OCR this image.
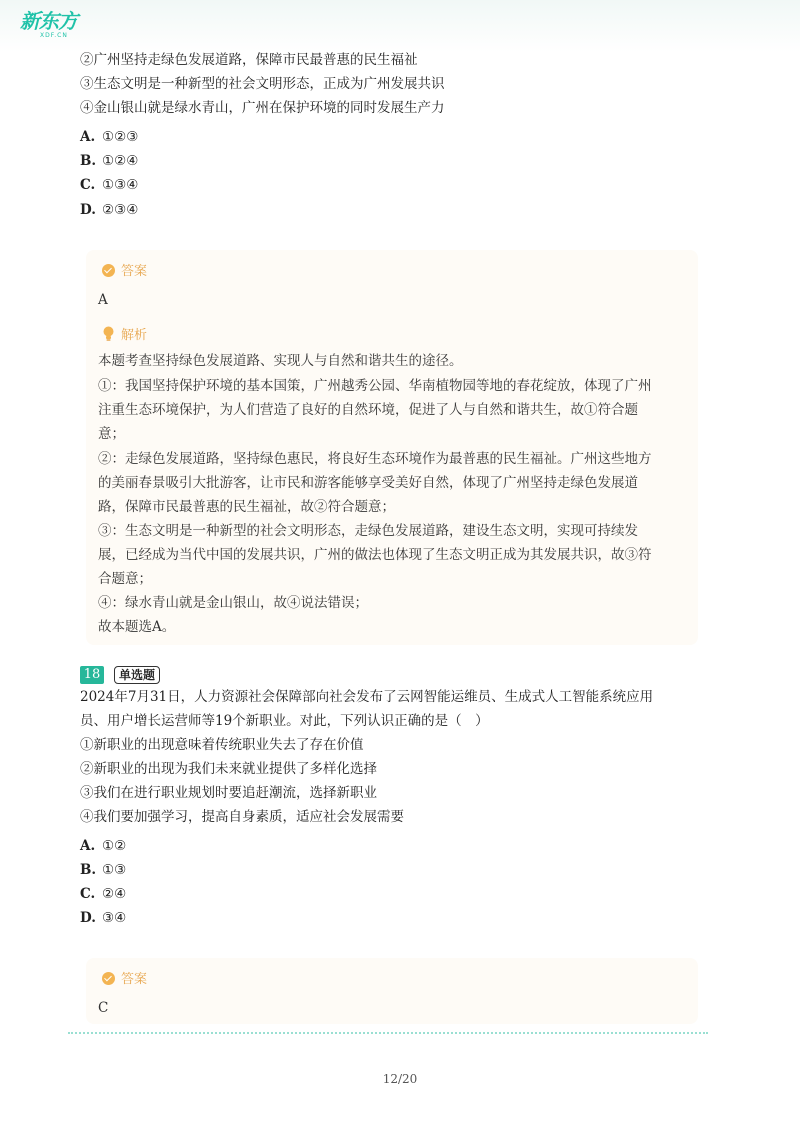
新东方
XDF.CN
②广州坚持走绿色发展道路，保障市民最普惠的民生福祉
③生态文明是一种新型的社会文明形态，正成为广州发展共识
④金山银山就是绿水青山，广州在保护环境的同时发展生产力
A. ①②③
B. ①②④
C. ①③④
D. ②③④
答案
解析
A
本题考查坚持绿色发展道路、实现人与自然和谐共生的途径。
①：我国坚持保护环境的基本国策，广州越秀公园、华南植物园等地的春花绽放，体现了广州
注重生态环境保护，为人们营造了良好的自然环境，促进了人与自然和谐共生，故①符合题
意；
②：走绿色发展道路，坚持绿色惠民，将良好生态环境作为最普惠的民生福祉。广州这些地方
的美丽春景吸引大批游客，让市民和游客能够享受美好自然，体现了广州坚持走绿色发展道
路，保障市民最普惠的民生福祉，故②符合题意；
③：生态文明是一种新型的社会文明形态，走绿色发展道路，建设生态文明，实现可持续发
展，已经成为当代中国的发展共识，广州的做法也体现了生态文明正成为其发展共识，故③符
合题意；
④：绿水青山就是金山银山，故④说法错误；
故本题选A。
18	单选题
2024年7月31日，人力资源社会保障部向社会发布了云网智能运维员、生成式人工智能系统应用
员、用户增长运营师等19个新职业。对此，下列认识正确的是（　）
①新职业的出现意味着传统职业失去了存在价值
②新职业的出现为我们未来就业提供了多样化选择
③我们在进行职业规划时要追赶潮流，选择新职业
④我们要加强学习，提高自身素质，适应社会发展需要
A. ①②
B. ①③
C. ②④
D. ③④
答案
C
12/20
